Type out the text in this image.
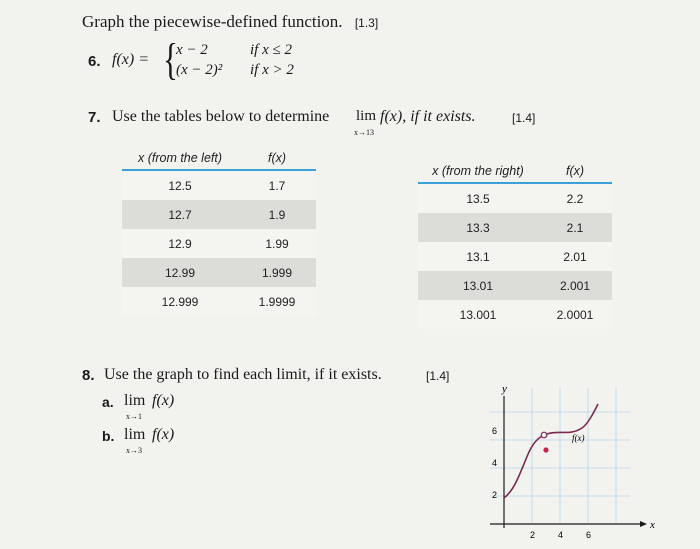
Graph the piecewise-defined function. [1.3]
6. f(x) = {
x − 2	if x ≤ 2
(x − 2)² if x > 2
7. Use the tables below to determine lim
x→13
f(x), if it exists.	[1.4]
x (from the left)	f(x)
12.5	1.7
12.7	1.9
12.9	1.99
12.99	1.999
12.999	1.9999
x (from the right)	f(x)
13.5	2.2
13.3	2.1
13.1	2.01
13.01	2.001
13.001	2.0001
8. Use the graph to find each limit, if it exists.	[1.4]
a. lim
x→1
f(x)
b. lim
x→3
f(x)
y
x
6
4
2
2	4	6
f(x)
